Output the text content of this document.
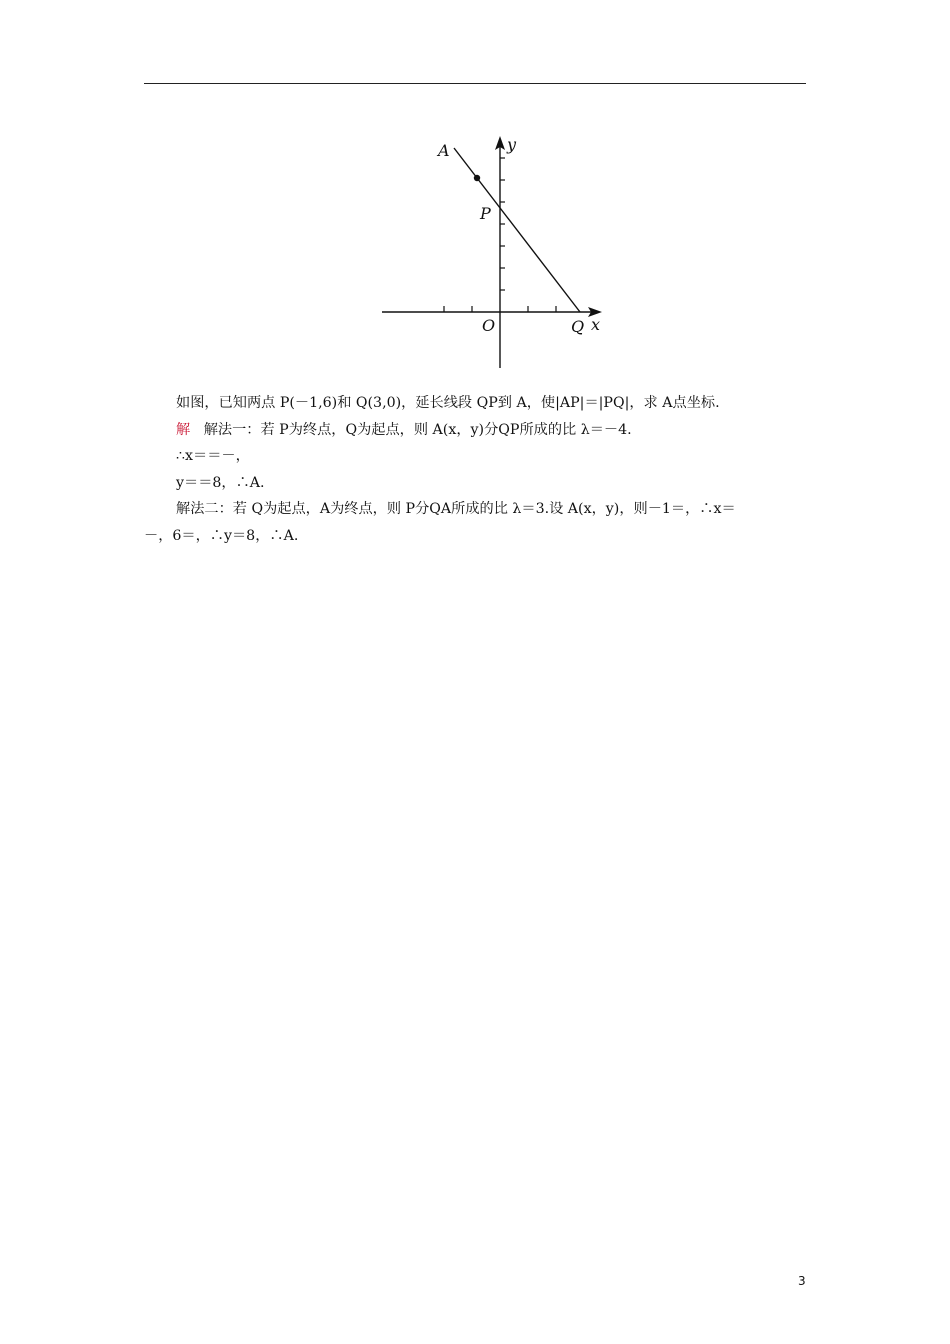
A
P
O	Q x
y

如图，已知两点 P(－1,6)和 Q(3,0)，延长线段 QP到 A，使|AP|＝|PQ|，求 A点坐标.

解 解法一：若 P为终点，Q为起点，则 A(x，y)分QP所成的比 λ＝－4.

∴x＝＝－，

y＝＝8，∴A.

解法二：若 Q为起点，A为终点，则 P分QA所成的比 λ＝3.设 A(x，y)，则－1＝，∴x＝

－，6＝，∴y＝8，∴A.

3
